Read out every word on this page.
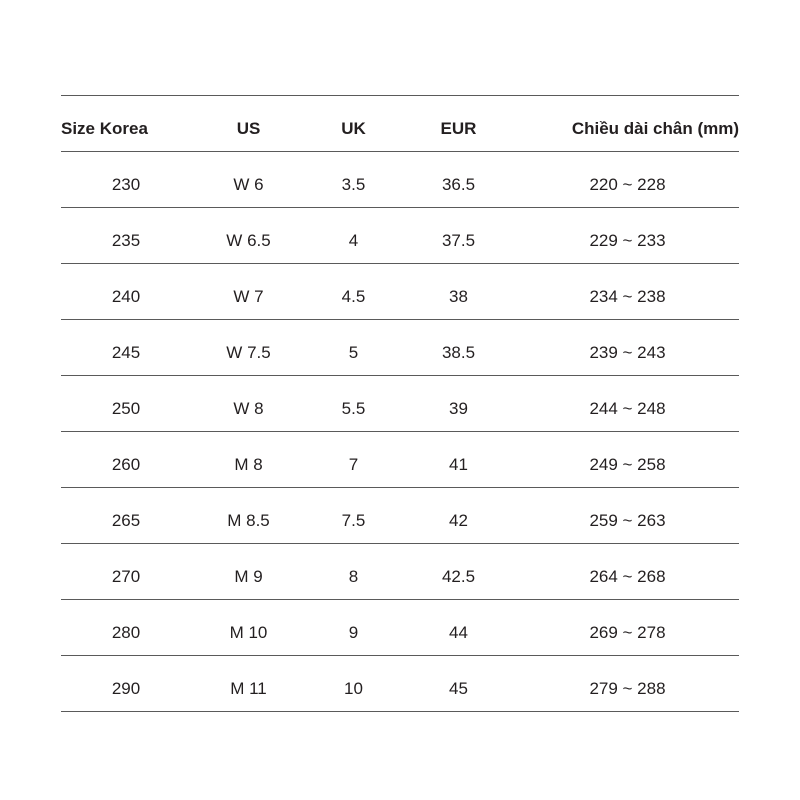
Size Korea	US	UK	EUR	Chiều dài chân (mm)
230	W 6	3.5	36.5	220 ~ 228
235	W 6.5	4	37.5	229 ~ 233
240	W 7	4.5	38	234 ~ 238
245	W 7.5	5	38.5	239 ~ 243
250	W 8	5.5	39	244 ~ 248
260	M 8	7	41	249 ~ 258
265	M 8.5	7.5	42	259 ~ 263
270	M 9	8	42.5	264 ~ 268
280	M 10	9	44	269 ~ 278
290	M 11	10	45	279 ~ 288
